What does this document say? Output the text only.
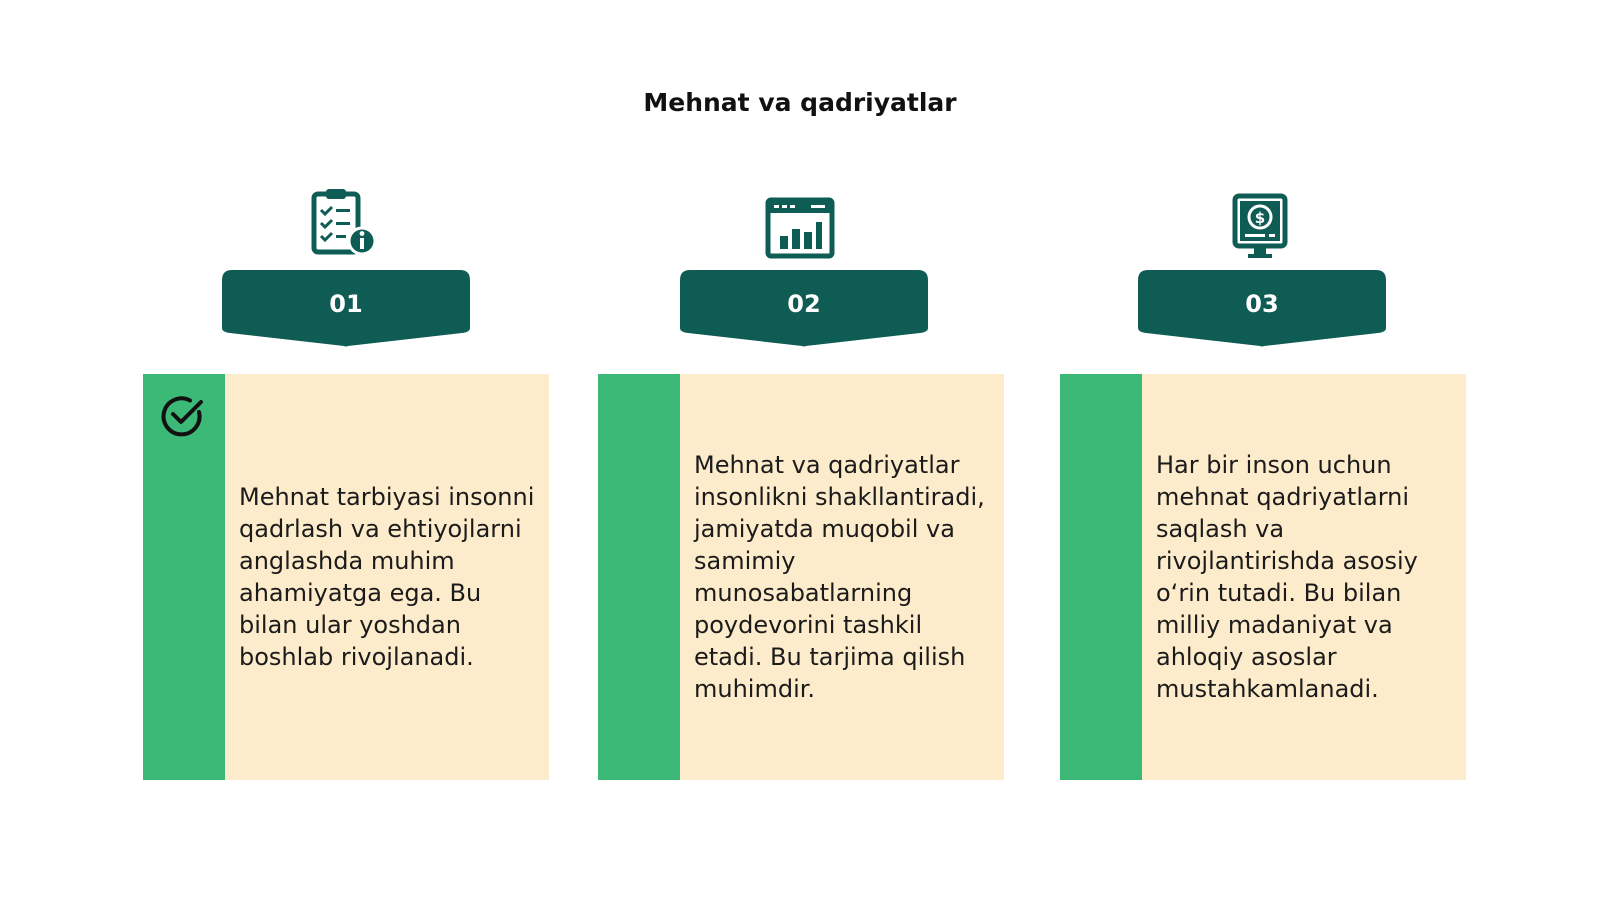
Mehnat va qadriyatlar
$
01	02	03

Mehnat tarbiyasi insonni qadrlash va ehtiyojlarni anglashda muhim ahamiyatga ega. Bu bilan ular yoshdan boshlab rivojlanadi.

Mehnat va qadriyatlar insonlikni shakllantiradi, jamiyatda muqobil va samimiy munosabatlarning poydevorini tashkil etadi. Bu tarjima qilish muhimdir.

Har bir inson uchun mehnat qadriyatlarni saqlash va rivojlantirishda asosiy o‘rin tutadi. Bu bilan milliy madaniyat va ahloqiy asoslar mustahkamlanadi.
